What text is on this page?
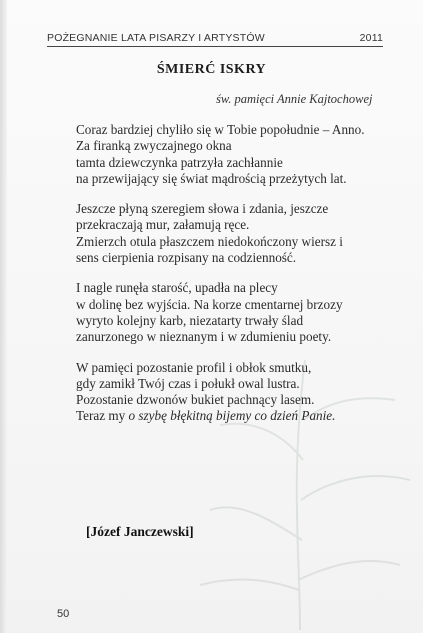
POŻEGNANIE LATA PISARZY I ARTYSTÓW	2011
ŚMIERĆ ISKRY
św. pamięci Annie Kajtochowej
Coraz bardziej chyliło się w Tobie popołudnie – Anno.
Za firanką zwyczajnego okna
tamta dziewczynka patrzyła zachłannie
na przewijający się świat mądrością przeżytych lat.
Jeszcze płyną szeregiem słowa i zdania, jeszcze
przekraczają mur, załamują ręce.
Zmierzch otula płaszczem niedokończony wiersz i
sens cierpienia rozpisany na codzienność.
I nagle runęła starość, upadła na plecy
w dolinę bez wyjścia. Na korze cmentarnej brzozy
wyryto kolejny karb, niezatarty trwały ślad
zanurzonego w nieznanym i w zdumieniu poety.
W pamięci pozostanie profil i obłok smutku,
gdy zamikł Twój czas i połukł owal lustra.
Pozostanie dzwonów bukiet pachnący lasem.
Teraz my o szybę błękitną bijemy co dzień Panie.
[Józef Janczewski]
50
